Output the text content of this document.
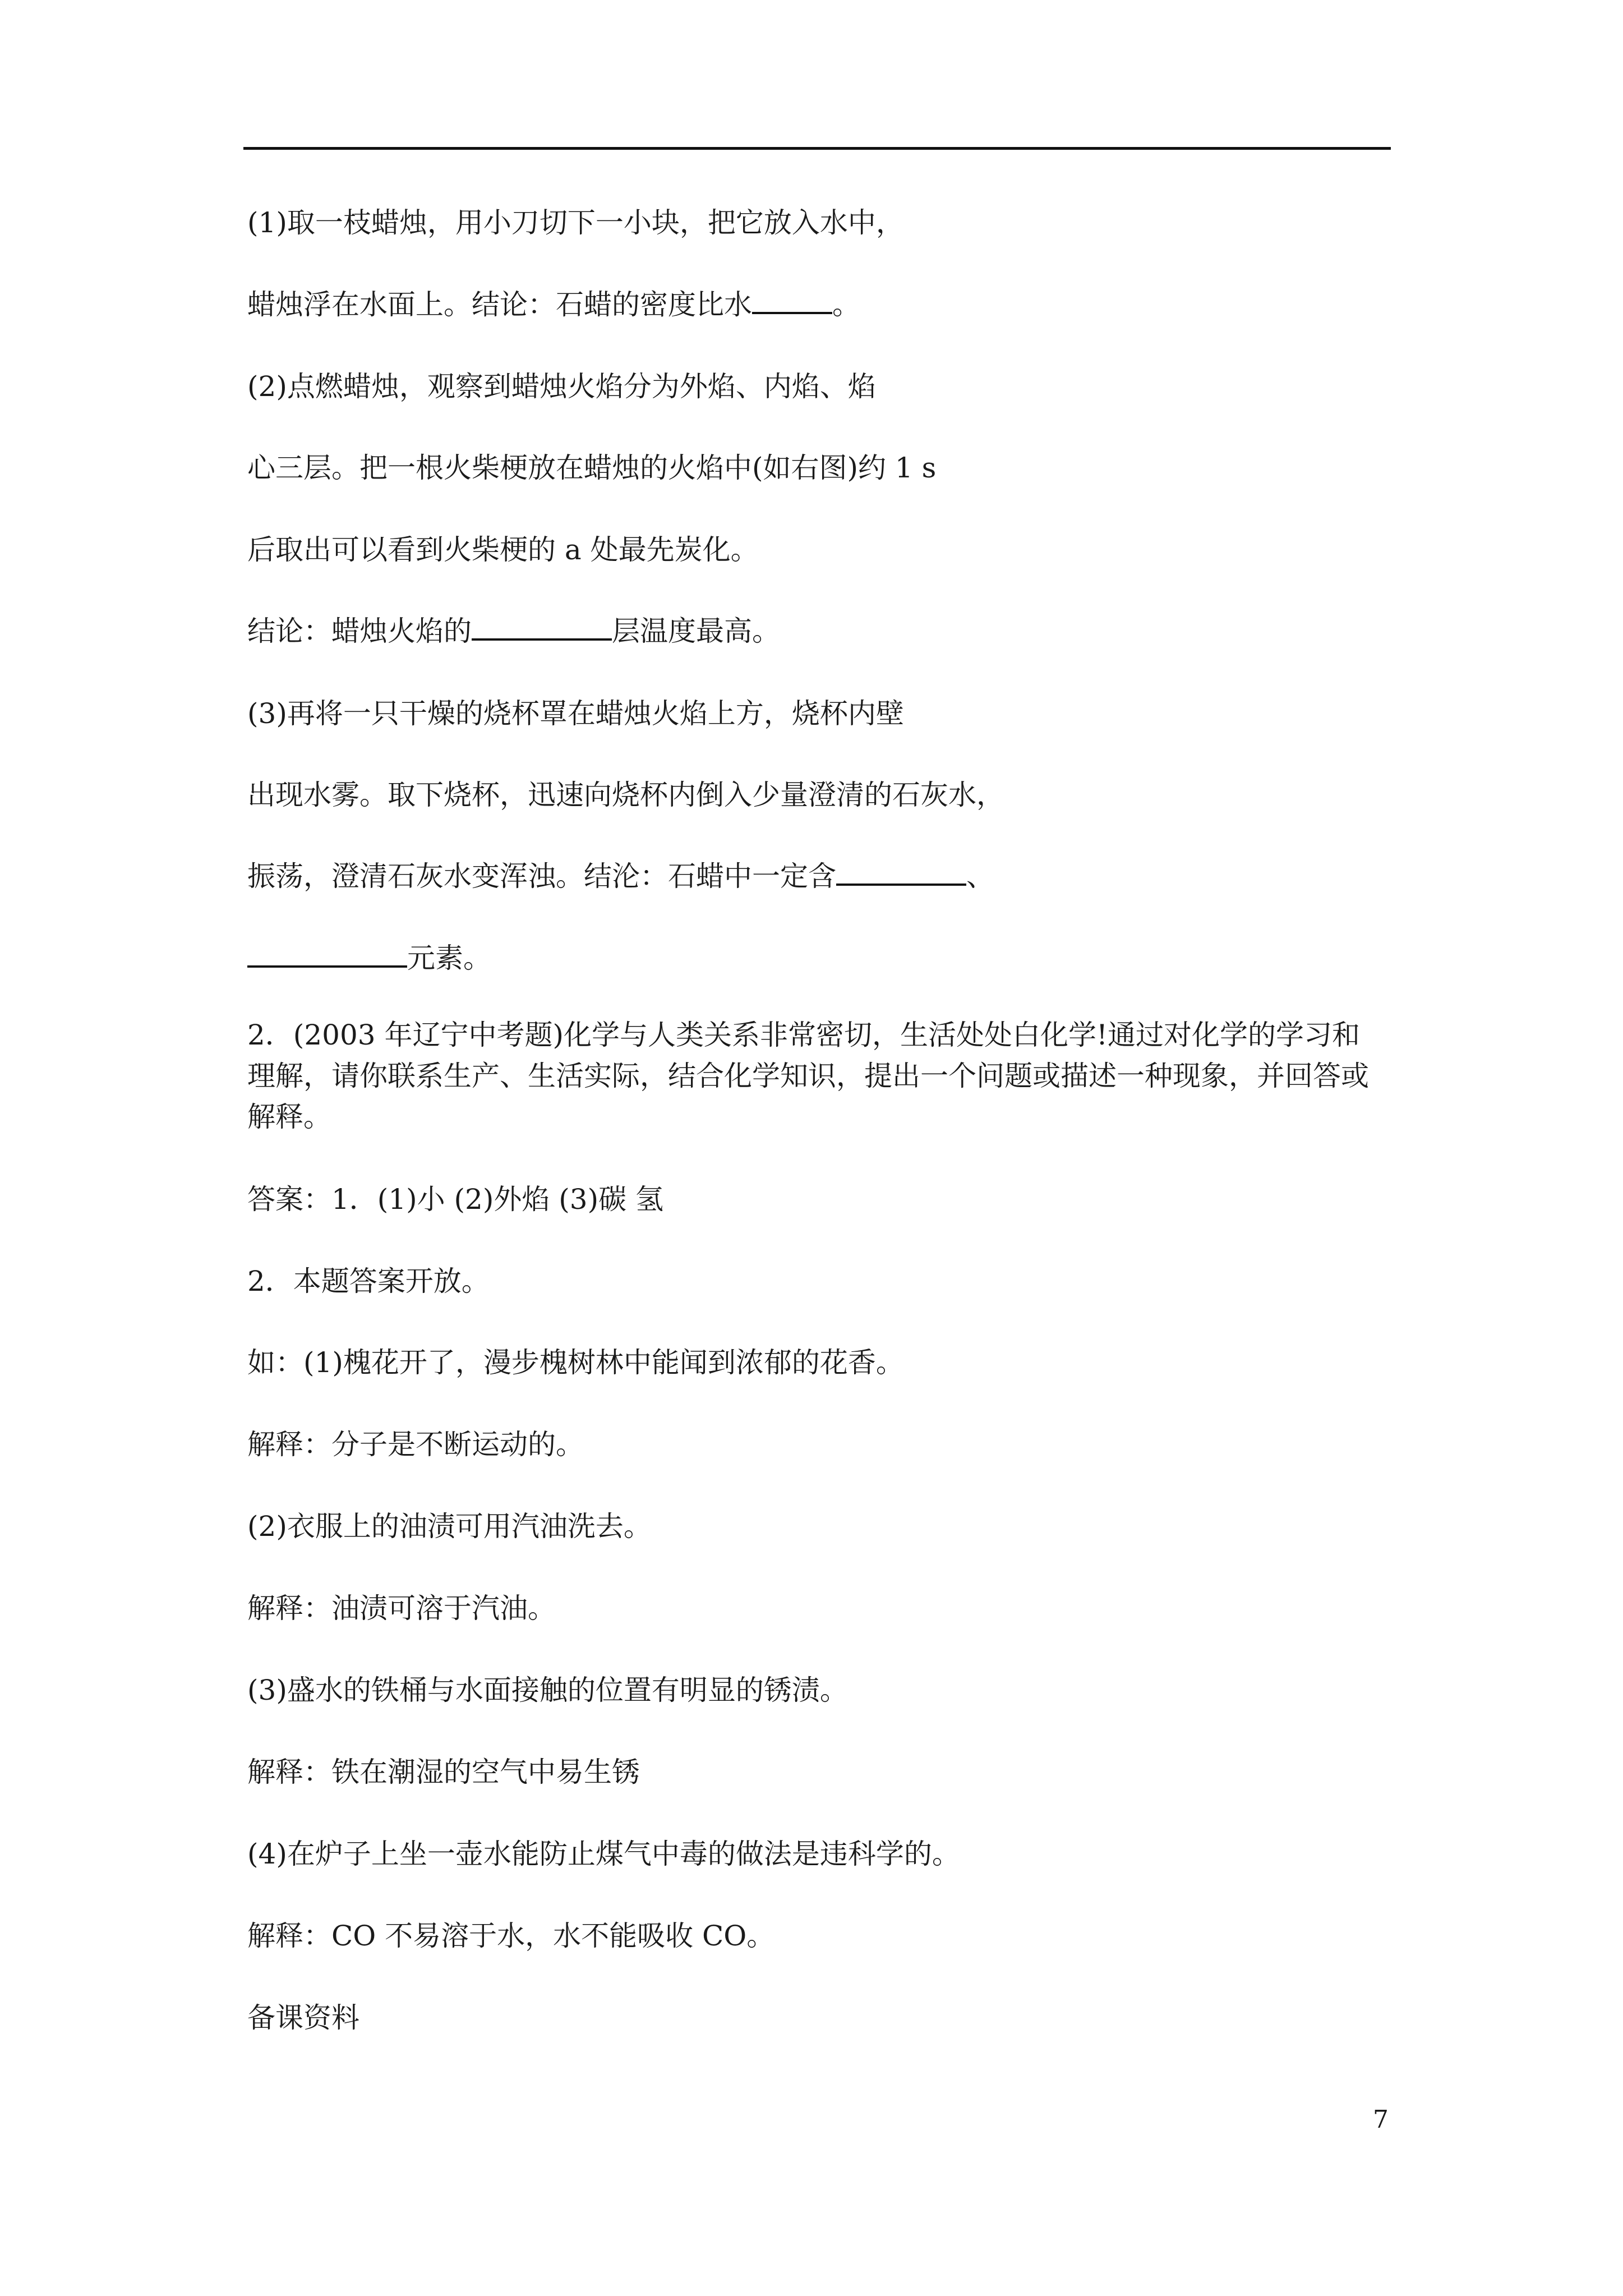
(1)取一枝蜡烛，用小刀切下一小块，把它放入水中，
蜡烛浮在水面上。结论：石蜡的密度比水	。
(2)点燃蜡烛，观察到蜡烛火焰分为外焰、内焰、焰
心三层。把一根火柴梗放在蜡烛的火焰中(如右图)约 1 s
后取出可以看到火柴梗的 a 处最先炭化。
结论：蜡烛火焰的	层温度最高。
(3)再将一只干燥的烧杯罩在蜡烛火焰上方，烧杯内壁
出现水雾。取下烧杯，迅速向烧杯内倒入少量澄清的石灰水，
振荡，澄清石灰水变浑浊。结沦：石蜡中一定含	、
元素。
2．(2003 年辽宁中考题)化学与人类关系非常密切，生活处处白化学!通过对化学的学习和
理解，请你联系生产、生活实际，结合化学知识，提出一个问题或描述一种现象，并回答或
解释。
答案：1．(1)小 (2)外焰 (3)碳 氢
2．本题答案开放。
如：(1)槐花开了，漫步槐树林中能闻到浓郁的花香。
解释：分子是不断运动的。
(2)衣服上的油渍可用汽油洗去。
解释：油渍可溶于汽油。
(3)盛水的铁桶与水面接触的位置有明显的锈渍。
解释：铁在潮湿的空气中易生锈
(4)在炉子上坐一壶水能防止煤气中毒的做法是违科学的。
解释：CO 不易溶于水，水不能吸收 CO。
备课资料
7
